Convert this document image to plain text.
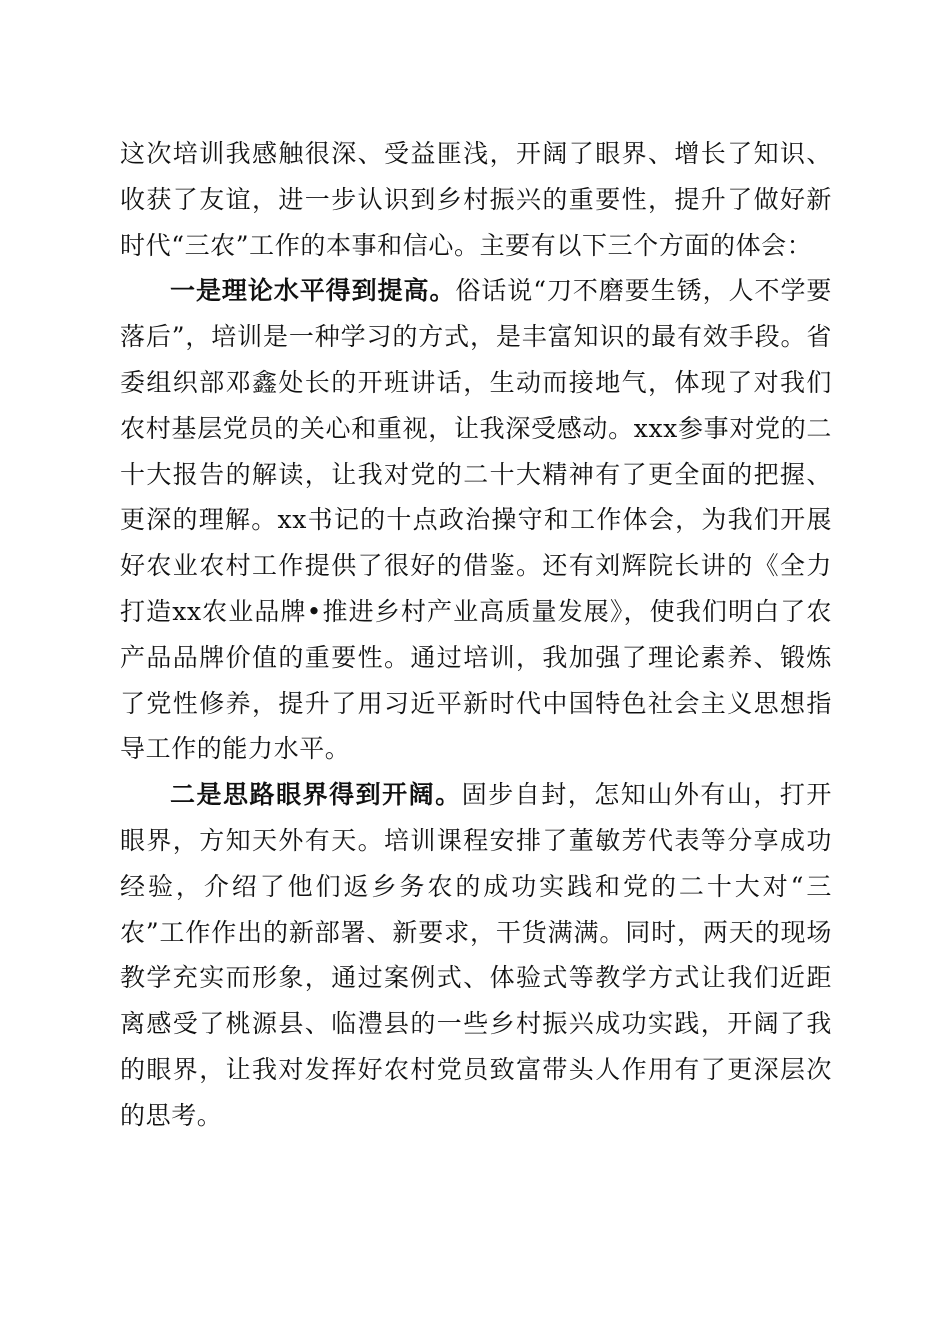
这次培训我感触很深、受益匪浅，开阔了眼界、增长了知识、收获了友谊，进一步认识到乡村振兴的重要性，提升了做好新时代“三农”工作的本事和信心。主要有以下三个方面的体会：

一是理论水平得到提高。俗话说“刀不磨要生锈，人不学要落后”，培训是一种学习的方式，是丰富知识的最有效手段。省委组织部邓鑫处长的开班讲话，生动而接地气，体现了对我们农村基层党员的关心和重视，让我深受感动。xxx参事对党的二十大报告的解读，让我对党的二十大精神有了更全面的把握、更深的理解。xx书记的十点政治操守和工作体会，为我们开展好农业农村工作提供了很好的借鉴。还有刘辉院长讲的《全力打造xx农业品牌•推进乡村产业高质量发展》，使我们明白了农产品品牌价值的重要性。通过培训，我加强了理论素养、锻炼了党性修养，提升了用习近平新时代中国特色社会主义思想指导工作的能力水平。

二是思路眼界得到开阔。固步自封，怎知山外有山，打开眼界，方知天外有天。培训课程安排了董敏芳代表等分享成功经验，介绍了他们返乡务农的成功实践和党的二十大对“三农”工作作出的新部署、新要求，干货满满。同时，两天的现场教学充实而形象，通过案例式、体验式等教学方式让我们近距离感受了桃源县、临澧县的一些乡村振兴成功实践，开阔了我的眼界，让我对发挥好农村党员致富带头人作用有了更深层次的思考。
